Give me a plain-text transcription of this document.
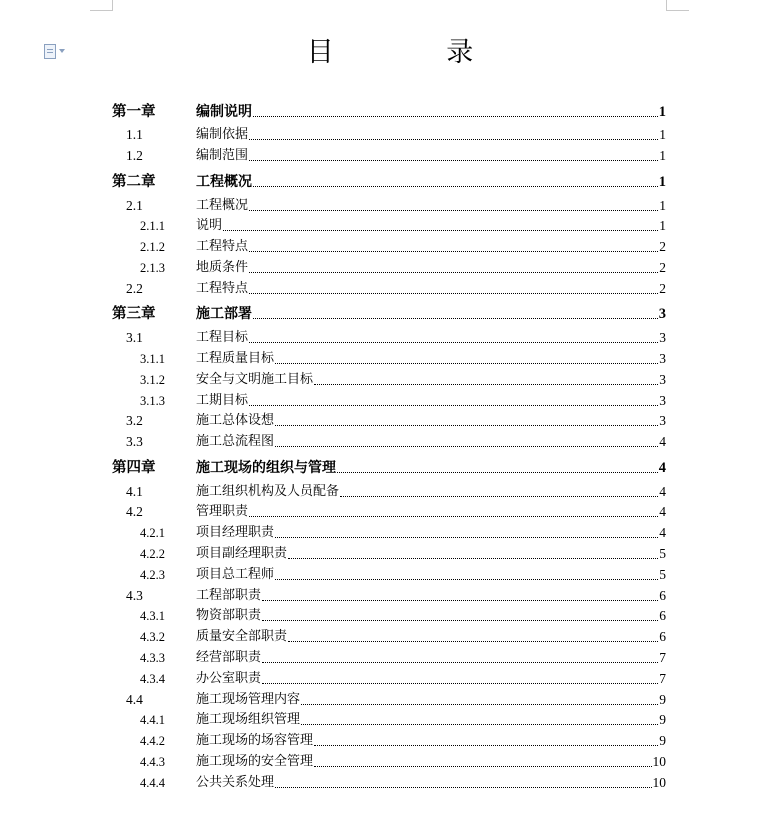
目 录
第一章	编制说明	1
1.1	编制依据	1
1.2	编制范围	1
第二章	工程概况	1
2.1	工程概况	1
2.1.1	说明	1
2.1.2	工程特点	2
2.1.3	地质条件	2
2.2	工程特点	2
第三章	施工部署	3
3.1	工程目标	3
3.1.1	工程质量目标	3
3.1.2	安全与文明施工目标	3
3.1.3	工期目标	3
3.2	施工总体设想	3
3.3	施工总流程图	4
第四章	施工现场的组织与管理	4
4.1	施工组织机构及人员配备	4
4.2	管理职责	4
4.2.1	项目经理职责	4
4.2.2	项目副经理职责	5
4.2.3	项目总工程师	5
4.3	工程部职责	6
4.3.1	物资部职责	6
4.3.2	质量安全部职责	6
4.3.3	经营部职责	7
4.3.4	办公室职责	7
4.4	施工现场管理内容	9
4.4.1	施工现场组织管理	9
4.4.2	施工现场的场容管理	9
4.4.3	施工现场的安全管理	10
4.4.4	公共关系处理	10
